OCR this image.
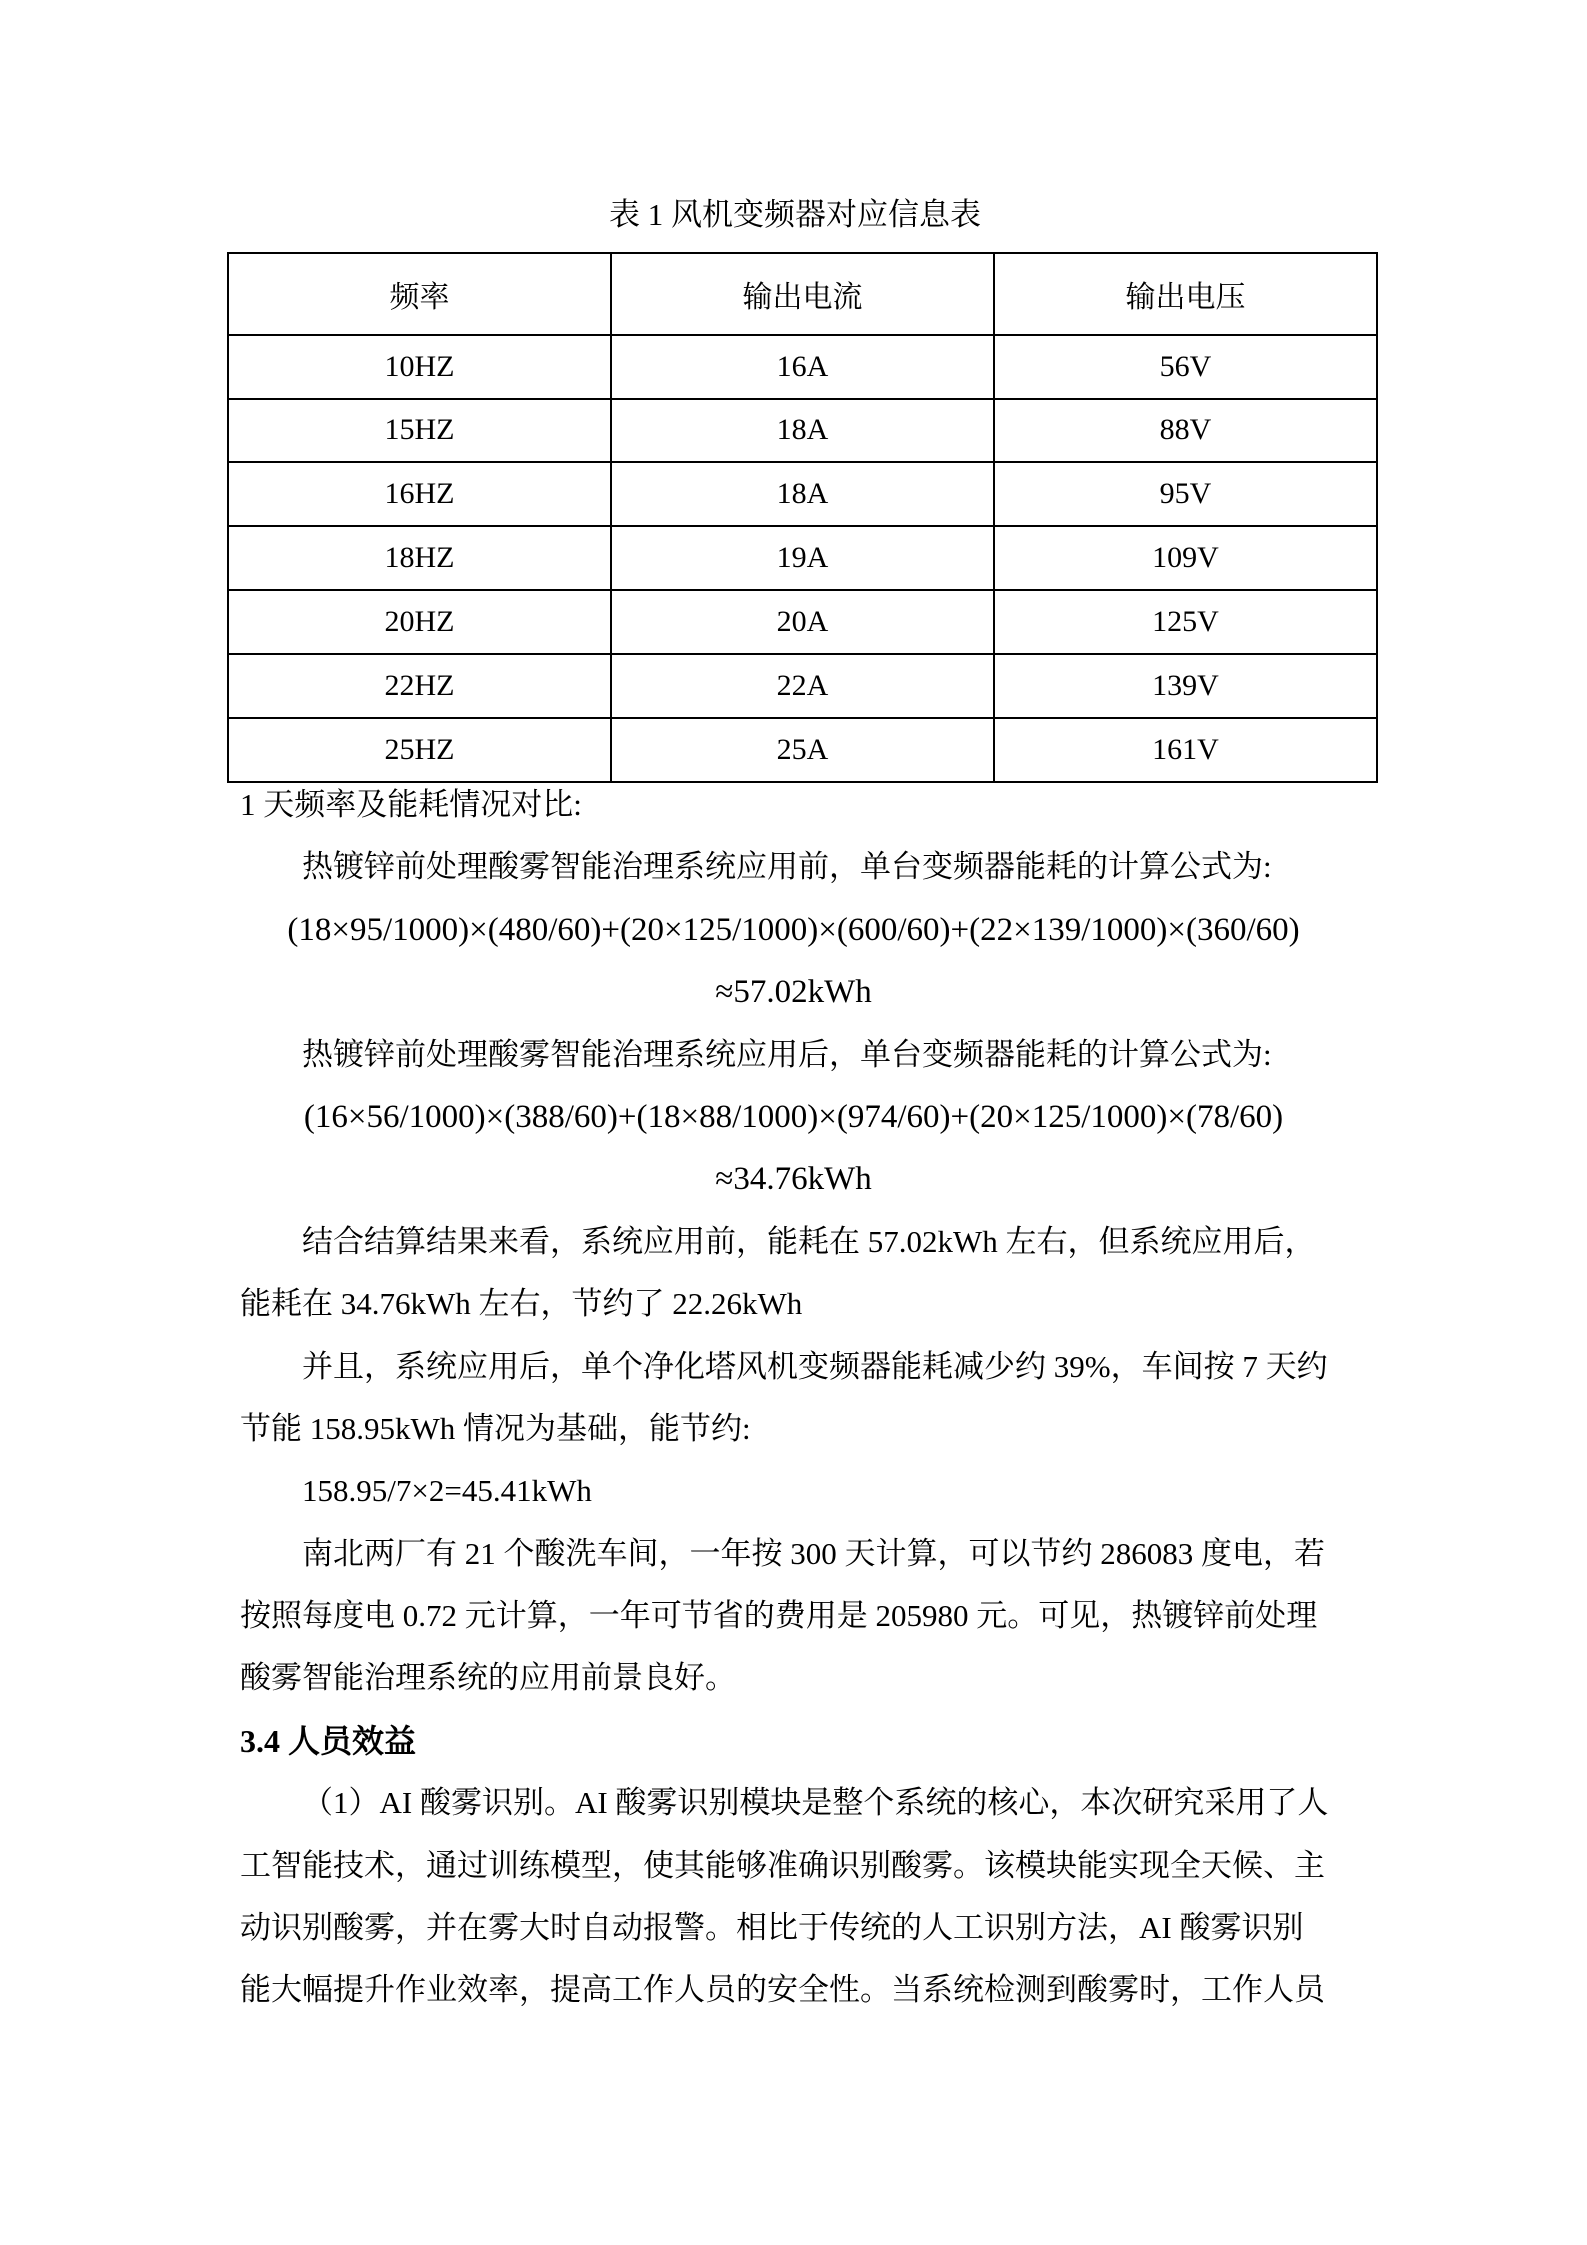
表 1 风机变频器对应信息表
频率	输出电流	输出电压
10HZ	16A	56V
15HZ	18A	88V
16HZ	18A	95V
18HZ	19A	109V
20HZ	20A	125V
22HZ	22A	139V
25HZ	25A	161V
1 天频率及能耗情况对比:
热镀锌前处理酸雾智能治理系统应用前，单台变频器能耗的计算公式为:
(18×95/1000)×(480/60)+(20×125/1000)×(600/60)+(22×139/1000)×(360/60)
≈57.02kWh
热镀锌前处理酸雾智能治理系统应用后，单台变频器能耗的计算公式为:
(16×56/1000)×(388/60)+(18×88/1000)×(974/60)+(20×125/1000)×(78/60)
≈34.76kWh
结合结算结果来看，系统应用前，能耗在 57.02kWh 左右，但系统应用后，
能耗在 34.76kWh 左右，节约了 22.26kWh
并且，系统应用后，单个净化塔风机变频器能耗减少约 39%，车间按 7 天约
节能 158.95kWh 情况为基础，能节约:
158.95/7×2=45.41kWh
南北两厂有 21 个酸洗车间，一年按 300 天计算，可以节约 286083 度电，若
按照每度电 0.72 元计算，一年可节省的费用是 205980 元。可见，热镀锌前处理
酸雾智能治理系统的应用前景良好。
3.4 人员效益
（1）AI 酸雾识别。AI 酸雾识别模块是整个系统的核心，本次研究采用了人
工智能技术，通过训练模型，使其能够准确识别酸雾。该模块能实现全天候、主
动识别酸雾，并在雾大时自动报警。相比于传统的人工识别方法，AI 酸雾识别
能大幅提升作业效率，提高工作人员的安全性。当系统检测到酸雾时，工作人员
